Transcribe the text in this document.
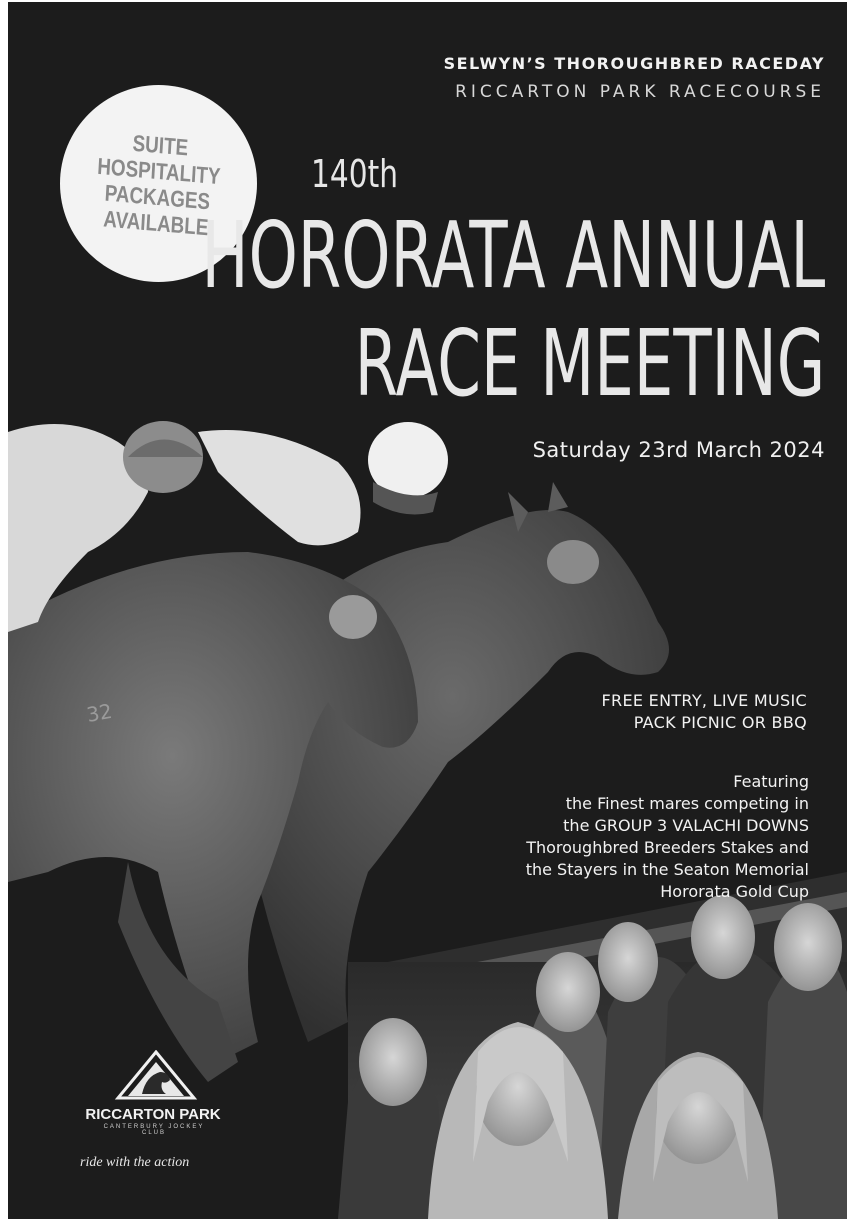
32
SELWYN’S THOROUGHBRED RACEDAY
RICCARTON PARK RACECOURSE
SUITE
HOSPITALITY
PACKAGES
AVAILABLE
140th
HORORATA ANNUAL
RACE MEETING
Saturday 23rd March 2024
FREE ENTRY, LIVE MUSIC
PACK PICNIC OR BBQ
Featuring
the Finest mares competing in
the GROUP 3 VALACHI DOWNS
Thoroughbred Breeders Stakes and
the Stayers in the Seaton Memorial
Hororata Gold Cup
RICCARTON PARK
CANTERBURY JOCKEY CLUB
ride with the action
